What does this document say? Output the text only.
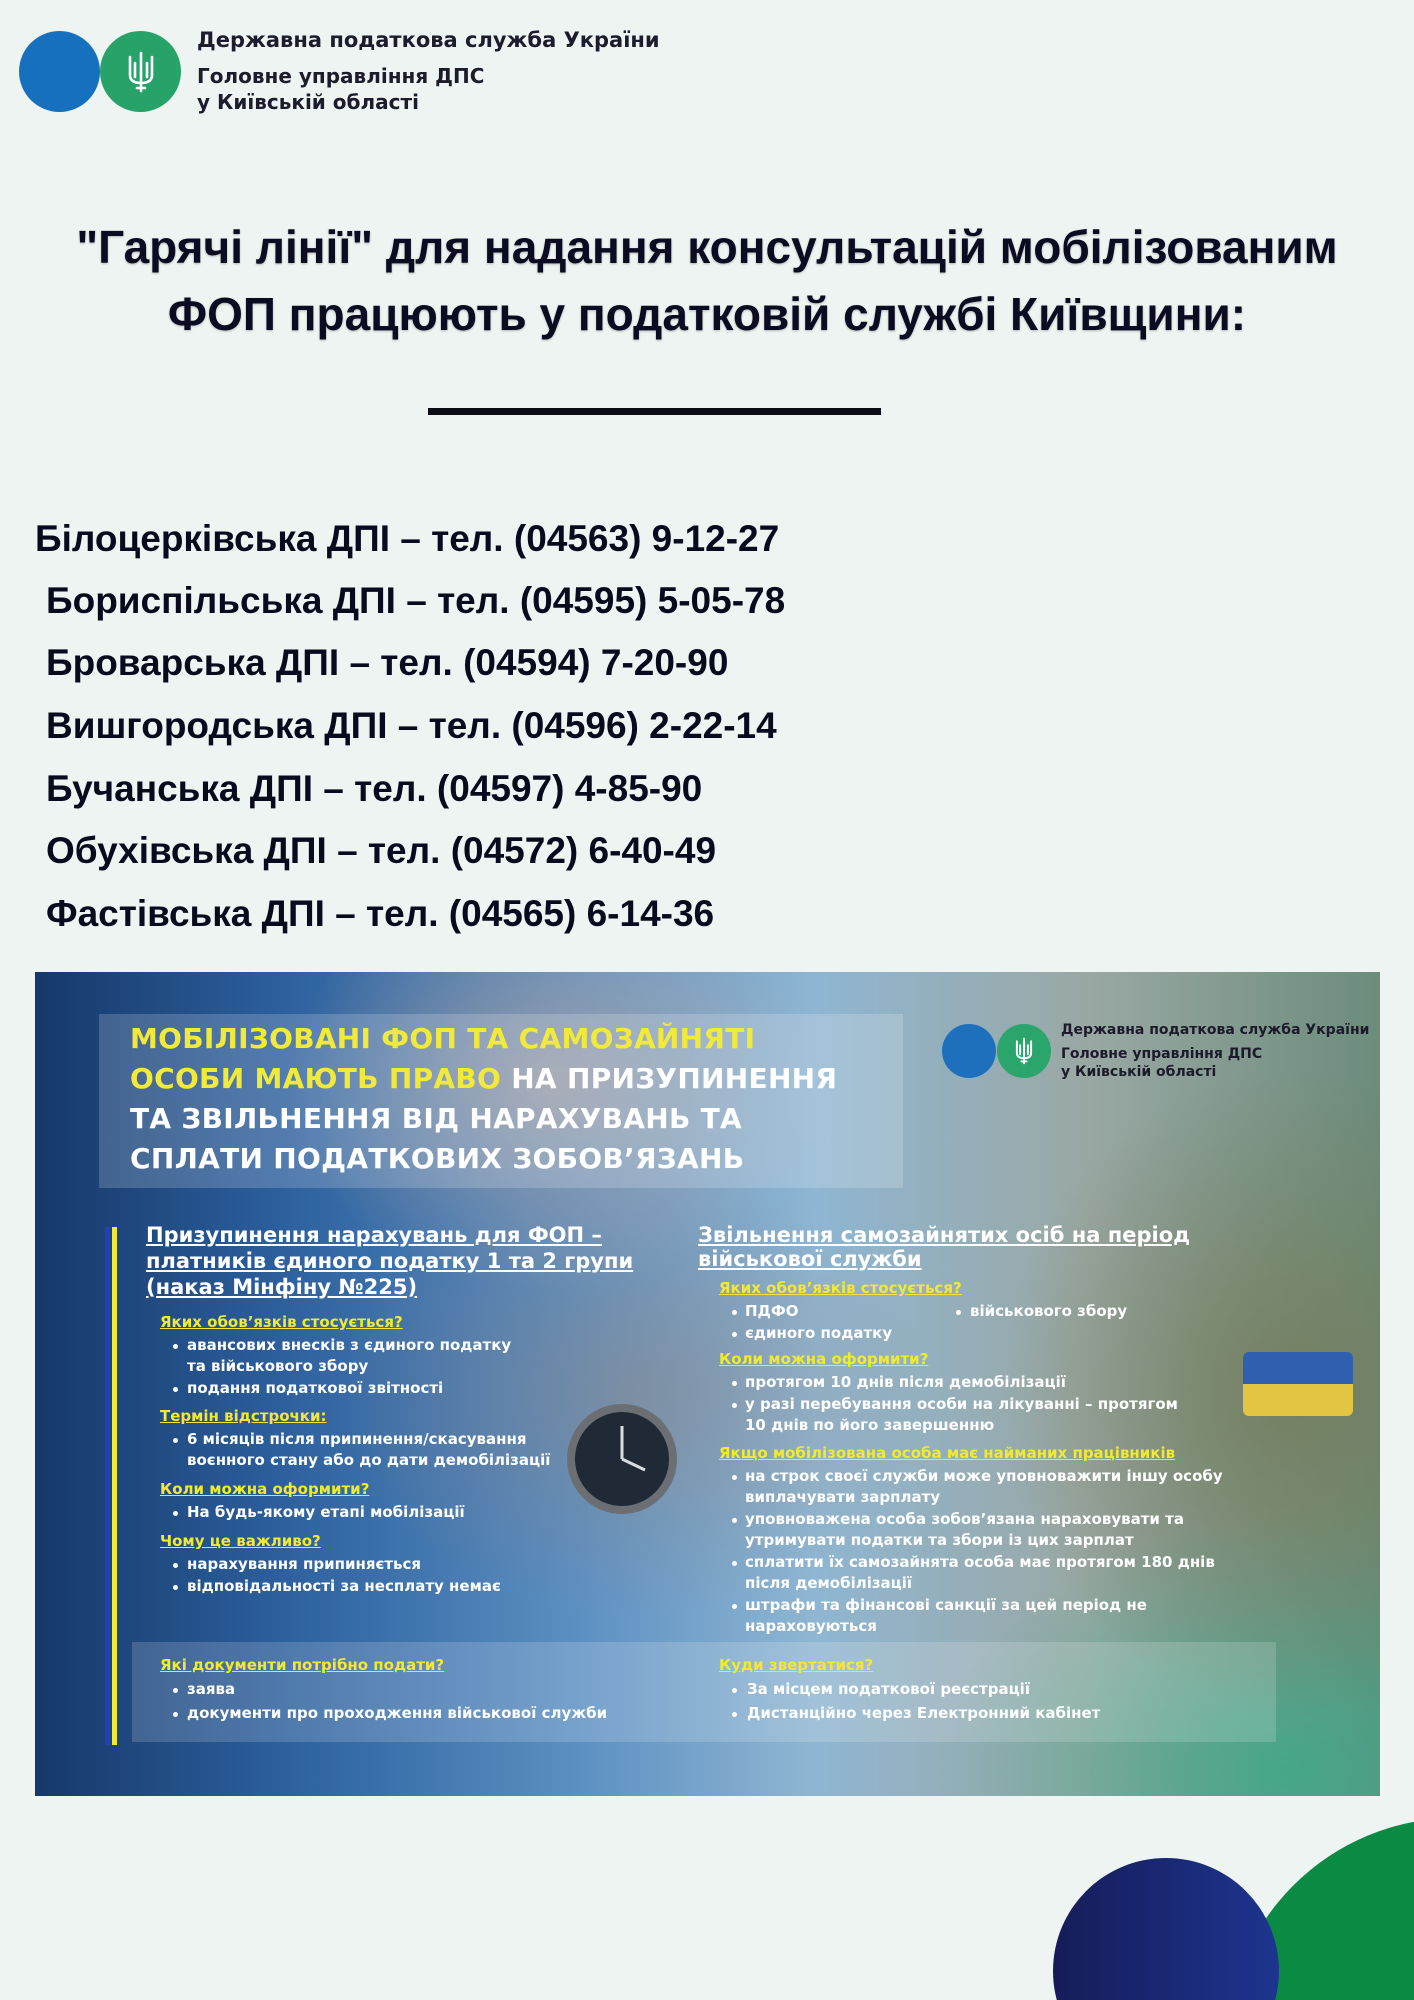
Державна податкова служба України
Головне управління ДПС
у Київській області
"Гарячі лінії" для надання консультацій мобілізованим
ФОП працюють у податковій службі Київщини:
Білоцерківська ДПІ – тел. (04563) 9-12-27
Бориспільська ДПІ – тел. (04595) 5-05-78
Броварська ДПІ – тел. (04594) 7-20-90
Вишгородська ДПІ – тел. (04596) 2-22-14
Бучанська ДПІ – тел. (04597) 4-85-90
Обухівська ДПІ – тел. (04572) 6-40-49
Фастівська ДПІ – тел. (04565) 6-14-36
МОБІЛІЗОВАНІ ФОП ТА САМОЗАЙНЯТІ
ОСОБИ МАЮТЬ ПРАВО НА ПРИЗУПИНЕННЯ
ТА ЗВІЛЬНЕННЯ ВІД НАРАХУВАНЬ ТА
СПЛАТИ ПОДАТКОВИХ ЗОБОВ’ЯЗАНЬ
Державна податкова служба України
Головне управління ДПС
у Київській області
Призупинення нарахувань для ФОП –
платників єдиного податку 1 та 2 групи
(наказ Мінфіну №225)
Яких обов’язків стосується?
авансових внесків з єдиного податку
та військового збору
подання податкової звітності
Термін відстрочки:
6 місяців після припинення/скасування
воєнного стану або до дати демобілізації
Коли можна оформити?
На будь-якому етапі мобілізації
Чому це важливо?
нарахування припиняється
відповідальності за несплату немає
Які документи потрібно подати?
заява
документи про проходження військової служби
Звільнення самозайнятих осіб на період
військової служби
Яких обов’язків стосується?
ПДФО
єдиного податку
військового збору
Коли можна оформити?
протягом 10 днів після демобілізації
у разі перебування особи на лікуванні – протягом
10 днів по його завершенню
Якщо мобілізована особа має найманих працівників
на строк своєї служби може уповноважити іншу особу
виплачувати зарплату
уповноважена особа зобов’язана нараховувати та
утримувати податки та збори із цих зарплат
сплатити їх самозайнята особа має протягом 180 днів
після демобілізації
штрафи та фінансові санкції за цей період не
нараховуються
Куди звертатися?
За місцем податкової реєстрації
Дистанційно через Електронний кабінет
